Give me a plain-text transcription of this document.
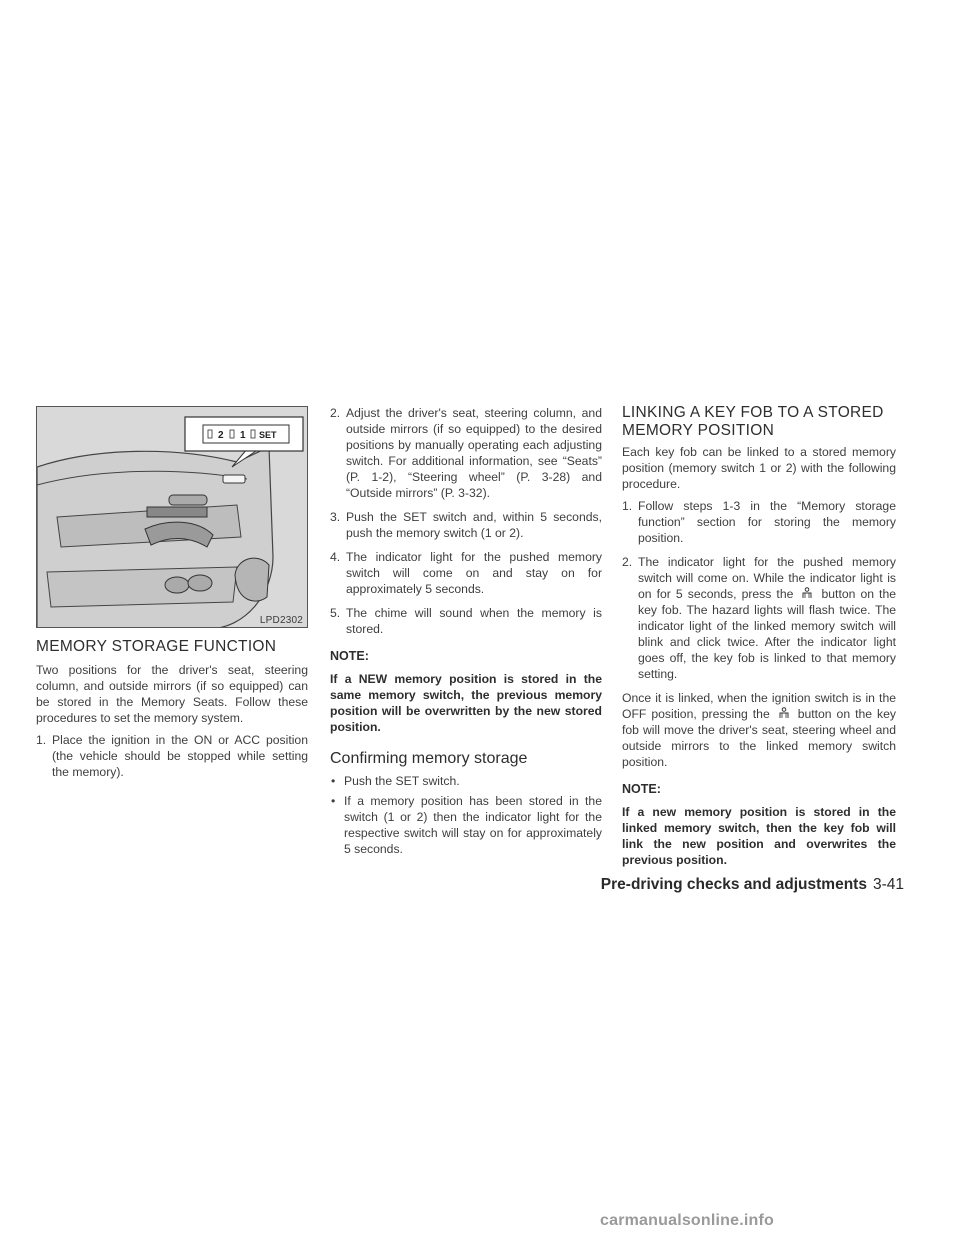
2 1 SET
LPD2302
MEMORY STORAGE FUNCTION

Two positions for the driver's seat, steering column, and outside mirrors (if so equipped) can be stored in the Memory Seats. Follow these procedures to set the memory system.

1. Place the ignition in the ON or ACC position (the vehicle should be stopped while setting the memory).
2. Adjust the driver's seat, steering column, and outside mirrors (if so equipped) to the desired positions by manually operating each adjusting switch. For additional information, see “Seats” (P. 1-2), “Steering wheel” (P. 3-28) and “Outside mirrors” (P. 3-32).
3. Push the SET switch and, within 5 seconds, push the memory switch (1 or 2).
4. The indicator light for the pushed memory switch will come on and stay on for approximately 5 seconds.
5. The chime will sound when the memory is stored.
NOTE:
If a NEW memory position is stored in the same memory switch, the previous memory position will be overwritten by the new stored position.
Confirming memory storage
• Push the SET switch.
• If a memory position has been stored in the switch (1 or 2) then the indicator light for the respective switch will stay on for approximately 5 seconds.
LINKING A KEY FOB TO A STORED
MEMORY POSITION

Each key fob can be linked to a stored memory position (memory switch 1 or 2) with the following procedure.

1. Follow steps 1-3 in the “Memory storage function” section for storing the memory position.
2. The indicator light for the pushed memory switch will come on. While the indicator light is on for 5 seconds, press the button on the key fob. The hazard lights will flash twice. The indicator light of the linked memory switch will blink and click twice. After the indicator light goes off, the key fob is linked to that memory setting.

Once it is linked, when the ignition switch is in the OFF position, pressing the button on the key fob will move the driver's seat, steering wheel and outside mirrors to the linked memory switch position.

NOTE:
If a new memory position is stored in the linked memory switch, then the key fob will link the new position and overwrites the previous position.
Pre-driving checks and adjustments 3-41
carmanualsonline.info
